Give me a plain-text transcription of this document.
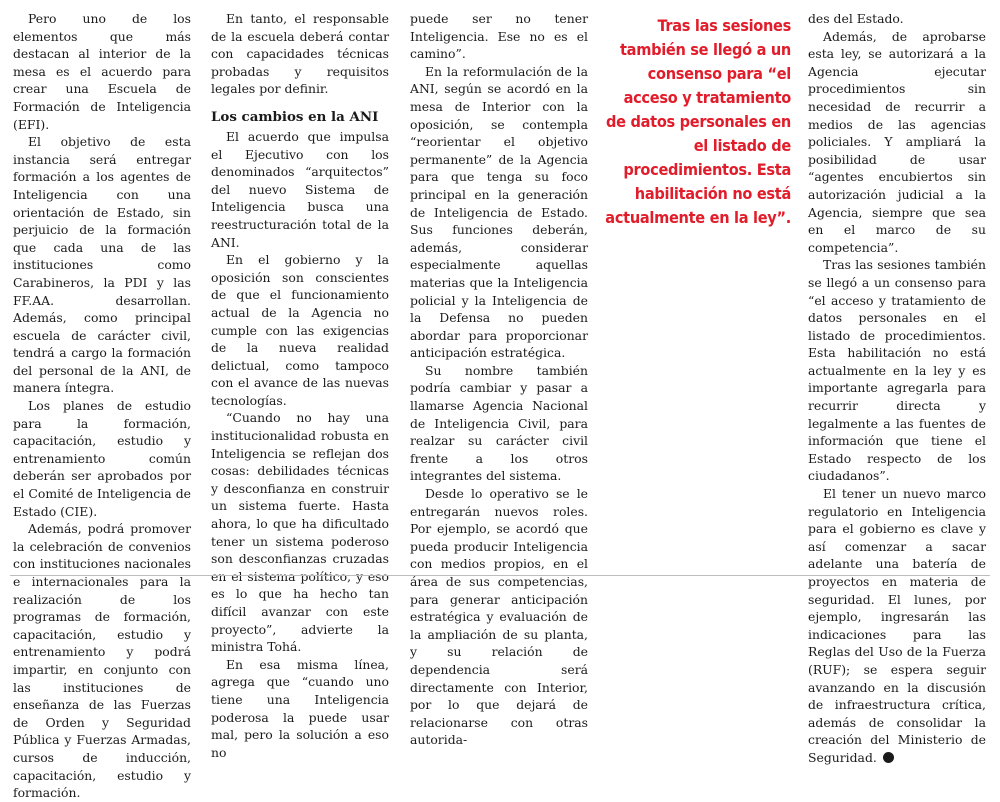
Pero uno de los elementos que más destacan al interior de la mesa es el acuerdo para crear una Escuela de Formación de Inteligencia (EFI).

El objetivo de esta instancia será entregar formación a los agentes de Inteligencia con una orientación de Estado, sin perjuicio de la formación que cada una de las instituciones como Carabineros, la PDI y las FF.AA. desarrollan. Además, como principal escuela de carácter civil, tendrá a cargo la formación del personal de la ANI, de manera íntegra.

Los planes de estudio para la formación, capacitación, estudio y entrenamiento común deberán ser aprobados por el Comité de Inteligencia de Estado (CIE).

Además, podrá promover la celebración de convenios con instituciones nacionales e internacionales para la realización de los programas de formación, capacitación, estudio y entrenamiento y podrá impartir, en conjunto con las instituciones de enseñanza de las Fuerzas de Orden y Seguridad Pública y Fuerzas Armadas, cursos de inducción, capacitación, estudio y formación.

En tanto, el responsable de la escuela deberá contar con capacidades técnicas probadas y requisitos legales por definir.

Los cambios en la ANI

El acuerdo que impulsa el Ejecutivo con los denominados “arquitectos” del nuevo Sistema de Inteligencia busca una reestructuración total de la ANI.

En el gobierno y la oposición son conscientes de que el funcionamiento actual de la Agencia no cumple con las exigencias de la nueva realidad delictual, como tampoco con el avance de las nuevas tecnologías.

“Cuando no hay una institucionalidad robusta en Inteligencia se reflejan dos cosas: debilidades técnicas y desconfianza en construir un sistema fuerte. Hasta ahora, lo que ha dificultado tener un sistema poderoso son desconfianzas cruzadas en el sistema político, y eso es lo que ha hecho tan difícil avanzar con este proyecto”, advierte la ministra Tohá.

En esa misma línea, agrega que “cuando uno tiene una Inteligencia poderosa la puede usar mal, pero la solución a eso no

puede ser no tener Inteligencia. Ese no es el camino”.

En la reformulación de la ANI, según se acordó en la mesa de Interior con la oposición, se contempla “reorientar el objetivo permanente” de la Agencia para que tenga su foco principal en la generación de Inteligencia de Estado. Sus funciones deberán, además, considerar especialmente aquellas materias que la Inteligencia policial y la Inteligencia de la Defensa no pueden abordar para proporcionar anticipación estratégica.

Su nombre también podría cambiar y pasar a llamarse Agencia Nacional de Inteligencia Civil, para realzar su carácter civil frente a los otros integrantes del sistema.

Desde lo operativo se le entregarán nuevos roles. Por ejemplo, se acordó que pueda producir Inteligencia con medios propios, en el área de sus competencias, para generar anticipación estratégica y evaluación de la ampliación de su planta, y su relación de dependencia será directamente con Interior, por lo que dejará de relacionarse con otras autorida-

Tras las sesiones también se llegó a un consenso para “el acceso y tratamiento de datos personales en el listado de procedimientos. Esta habilitación no está actualmente en la ley”.

des del Estado.

Además, de aprobarse esta ley, se autorizará a la Agencia ejecutar procedimientos sin necesidad de recurrir a medios de las agencias policiales. Y ampliará la posibilidad de usar “agentes encubiertos sin autorización judicial a la Agencia, siempre que sea en el marco de su competencia”.

Tras las sesiones también se llegó a un consenso para “el acceso y tratamiento de datos personales en el listado de procedimientos. Esta habilitación no está actualmente en la ley y es importante agregarla para recurrir directa y legalmente a las fuentes de información que tiene el Estado respecto de los ciudadanos”.

El tener un nuevo marco regulatorio en Inteligencia para el gobierno es clave y así comenzar a sacar adelante una batería de proyectos en materia de seguridad. El lunes, por ejemplo, ingresarán las indicaciones para las Reglas del Uso de la Fuerza (RUF); se espera seguir avanzando en la discusión de infraestructura crítica, además de consolidar la creación del Ministerio de Seguridad.
